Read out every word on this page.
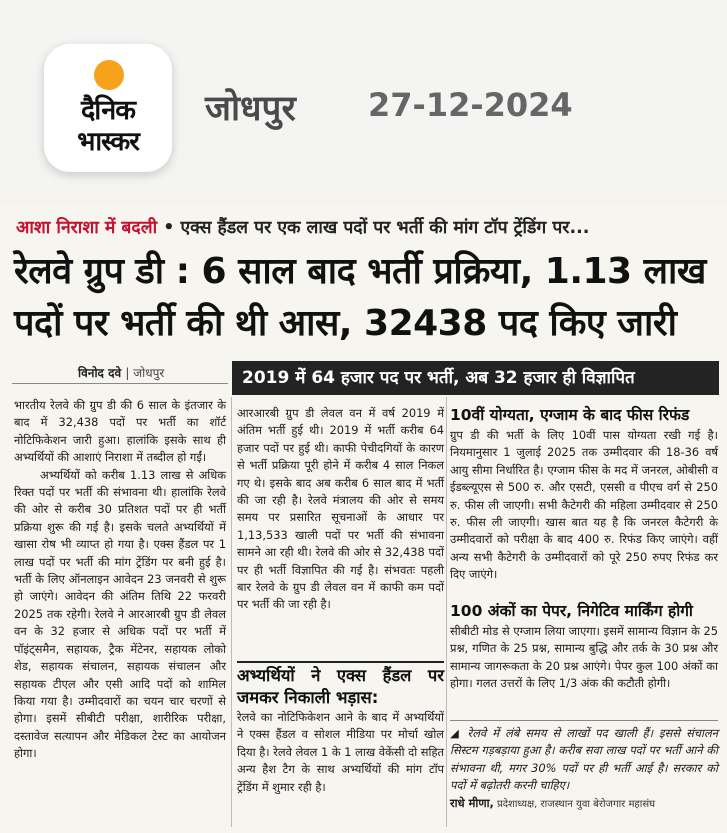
दैनिक
भास्कर
जोधपुर 27-12-2024
आशा निराशा में बदली • एक्स हैंडल पर एक लाख पदों पर भर्ती की मांग टॉप ट्रेंडिंग पर...
रेलवे ग्रुप डी : 6 साल बाद भर्ती प्रक्रिया, 1.13 लाख
पदों पर भर्ती की थी आस, 32438 पद किए जारी
विनोद दवे | जोधपुर	2019 में 64 हजार पद पर भर्ती, अब 32 हजार ही विज्ञापित

भारतीय रेलवे की ग्रुप डी की 6 साल के इंतजार के बाद में 32,438 पदों पर भर्ती का शॉर्ट नोटिफिकेशन जारी हुआ। हालांकि इसके साथ ही अभ्यर्थियों की आशाएं निराशा में तब्दील हो गईं।

अभ्यर्थियों को करीब 1.13 लाख से अधिक रिक्त पदों पर भर्ती की संभावना थी। हालांकि रेलवे की ओर से करीब 30 प्रतिशत पदों पर ही भर्ती प्रक्रिया शुरू की गई है। इसके चलते अभ्यर्थियों में खासा रोष भी व्याप्त हो गया है। एक्स हैंडल पर 1 लाख पदों पर भर्ती की मांग ट्रेंडिंग पर बनी हुई है। भर्ती के लिए ऑनलाइन आवेदन 23 जनवरी से शुरू हो जाएंगे। आवेदन की अंतिम तिथि 22 फरवरी 2025 तक रहेगी। रेलवे ने आरआरबी ग्रुप डी लेवल वन के 32 हजार से अधिक पदों पर भर्ती में पॉइंट्समैन, सहायक, ट्रैक मेंटेनर, सहायक लोको शेड, सहायक संचालन, सहायक संचालन और सहायक टीएल और एसी आदि पदों को शामिल किया गया है। उम्मीदवारों का चयन चार चरणों से होगा। इसमें सीबीटी परीक्षा, शारीरिक परीक्षा, दस्तावेज सत्यापन और मेडिकल टेस्ट का आयोजन होगा।

आरआरबी ग्रुप डी लेवल वन में वर्ष 2019 में अंतिम भर्ती हुई थी। 2019 में भर्ती करीब 64 हजार पदों पर हुई थी। काफी पेचीदगियों के कारण से भर्ती प्रक्रिया पूरी होने में करीब 4 साल निकल गए थे। इसके बाद अब करीब 6 साल बाद में भर्ती की जा रही है। रेलवे मंत्रालय की ओर से समय समय पर प्रसारित सूचनाओं के आधार पर 1,13,533 खाली पदों पर भर्ती की संभावना सामने आ रही थी। रेलवे की ओर से 32,438 पदों पर ही भर्ती विज्ञापित की गई है। संभवतः पहली बार रेलवे के ग्रुप डी लेवल वन में काफी कम पदों पर भर्ती की जा रही है।

अभ्यर्थियों ने एक्स हैंडल पर जमकर निकाली भड़ास:

रेलवे का नोटिफिकेशन आने के बाद में अभ्यर्थियों ने एक्स हैंडल व सोशल मीडिया पर मोर्चा खोल दिया है। रेलवे लेवल 1 के 1 लाख वेकेंसी दो सहित अन्य हैश टैग के साथ अभ्यर्थियों की मांग टॉप ट्रेंडिंग में शुमार रही है।

10वीं योग्यता, एग्जाम के बाद फीस रिफंड

ग्रुप डी की भर्ती के लिए 10वीं पास योग्यता रखी गई है। नियमानुसार 1 जुलाई 2025 तक उम्मीदवार की 18-36 वर्ष आयु सीमा निर्धारित है। एग्जाम फीस के मद में जनरल, ओबीसी व ईडब्ल्यूएस से 500 रु. और एसटी, एससी व पीएच वर्ग से 250 रु. फीस ली जाएगी। सभी कैटेगरी की महिला उम्मीदवार से 250 रु. फीस ली जाएगी। खास बात यह है कि जनरल कैटेगरी के उम्मीदवारों को परीक्षा के बाद 400 रु. रिफंड किए जाएंगे। वहीं अन्य सभी कैटेगरी के उम्मीदवारों को पूरे 250 रुपए रिफंड कर दिए जाएंगे।

100 अंकों का पेपर, निगेटिव मार्किंग होगी

सीबीटी मोड से एग्जाम लिया जाएगा। इसमें सामान्य विज्ञान के 25 प्रश्न, गणित के 25 प्रश्न, सामान्य बुद्धि और तर्क के 30 प्रश्न और सामान्य जागरूकता के 20 प्रश्न आएंगे। पेपर कुल 100 अंकों का होगा। गलत उत्तरों के लिए 1/3 अंक की कटौती होगी।

◢ रेलवे में लंबे समय से लाखों पद खाली हैं। इससे संचालन सिस्टम गड़बड़ाया हुआ है। करीब सवा लाख पदों पर भर्ती आने की संभावना थी, मगर 30% पदों पर ही भर्ती आई है। सरकार को पदों में बढ़ोतरी करनी चाहिए।
राधे मीणा, प्रदेशाध्यक्ष, राजस्थान युवा बेरोजगार महासंघ
